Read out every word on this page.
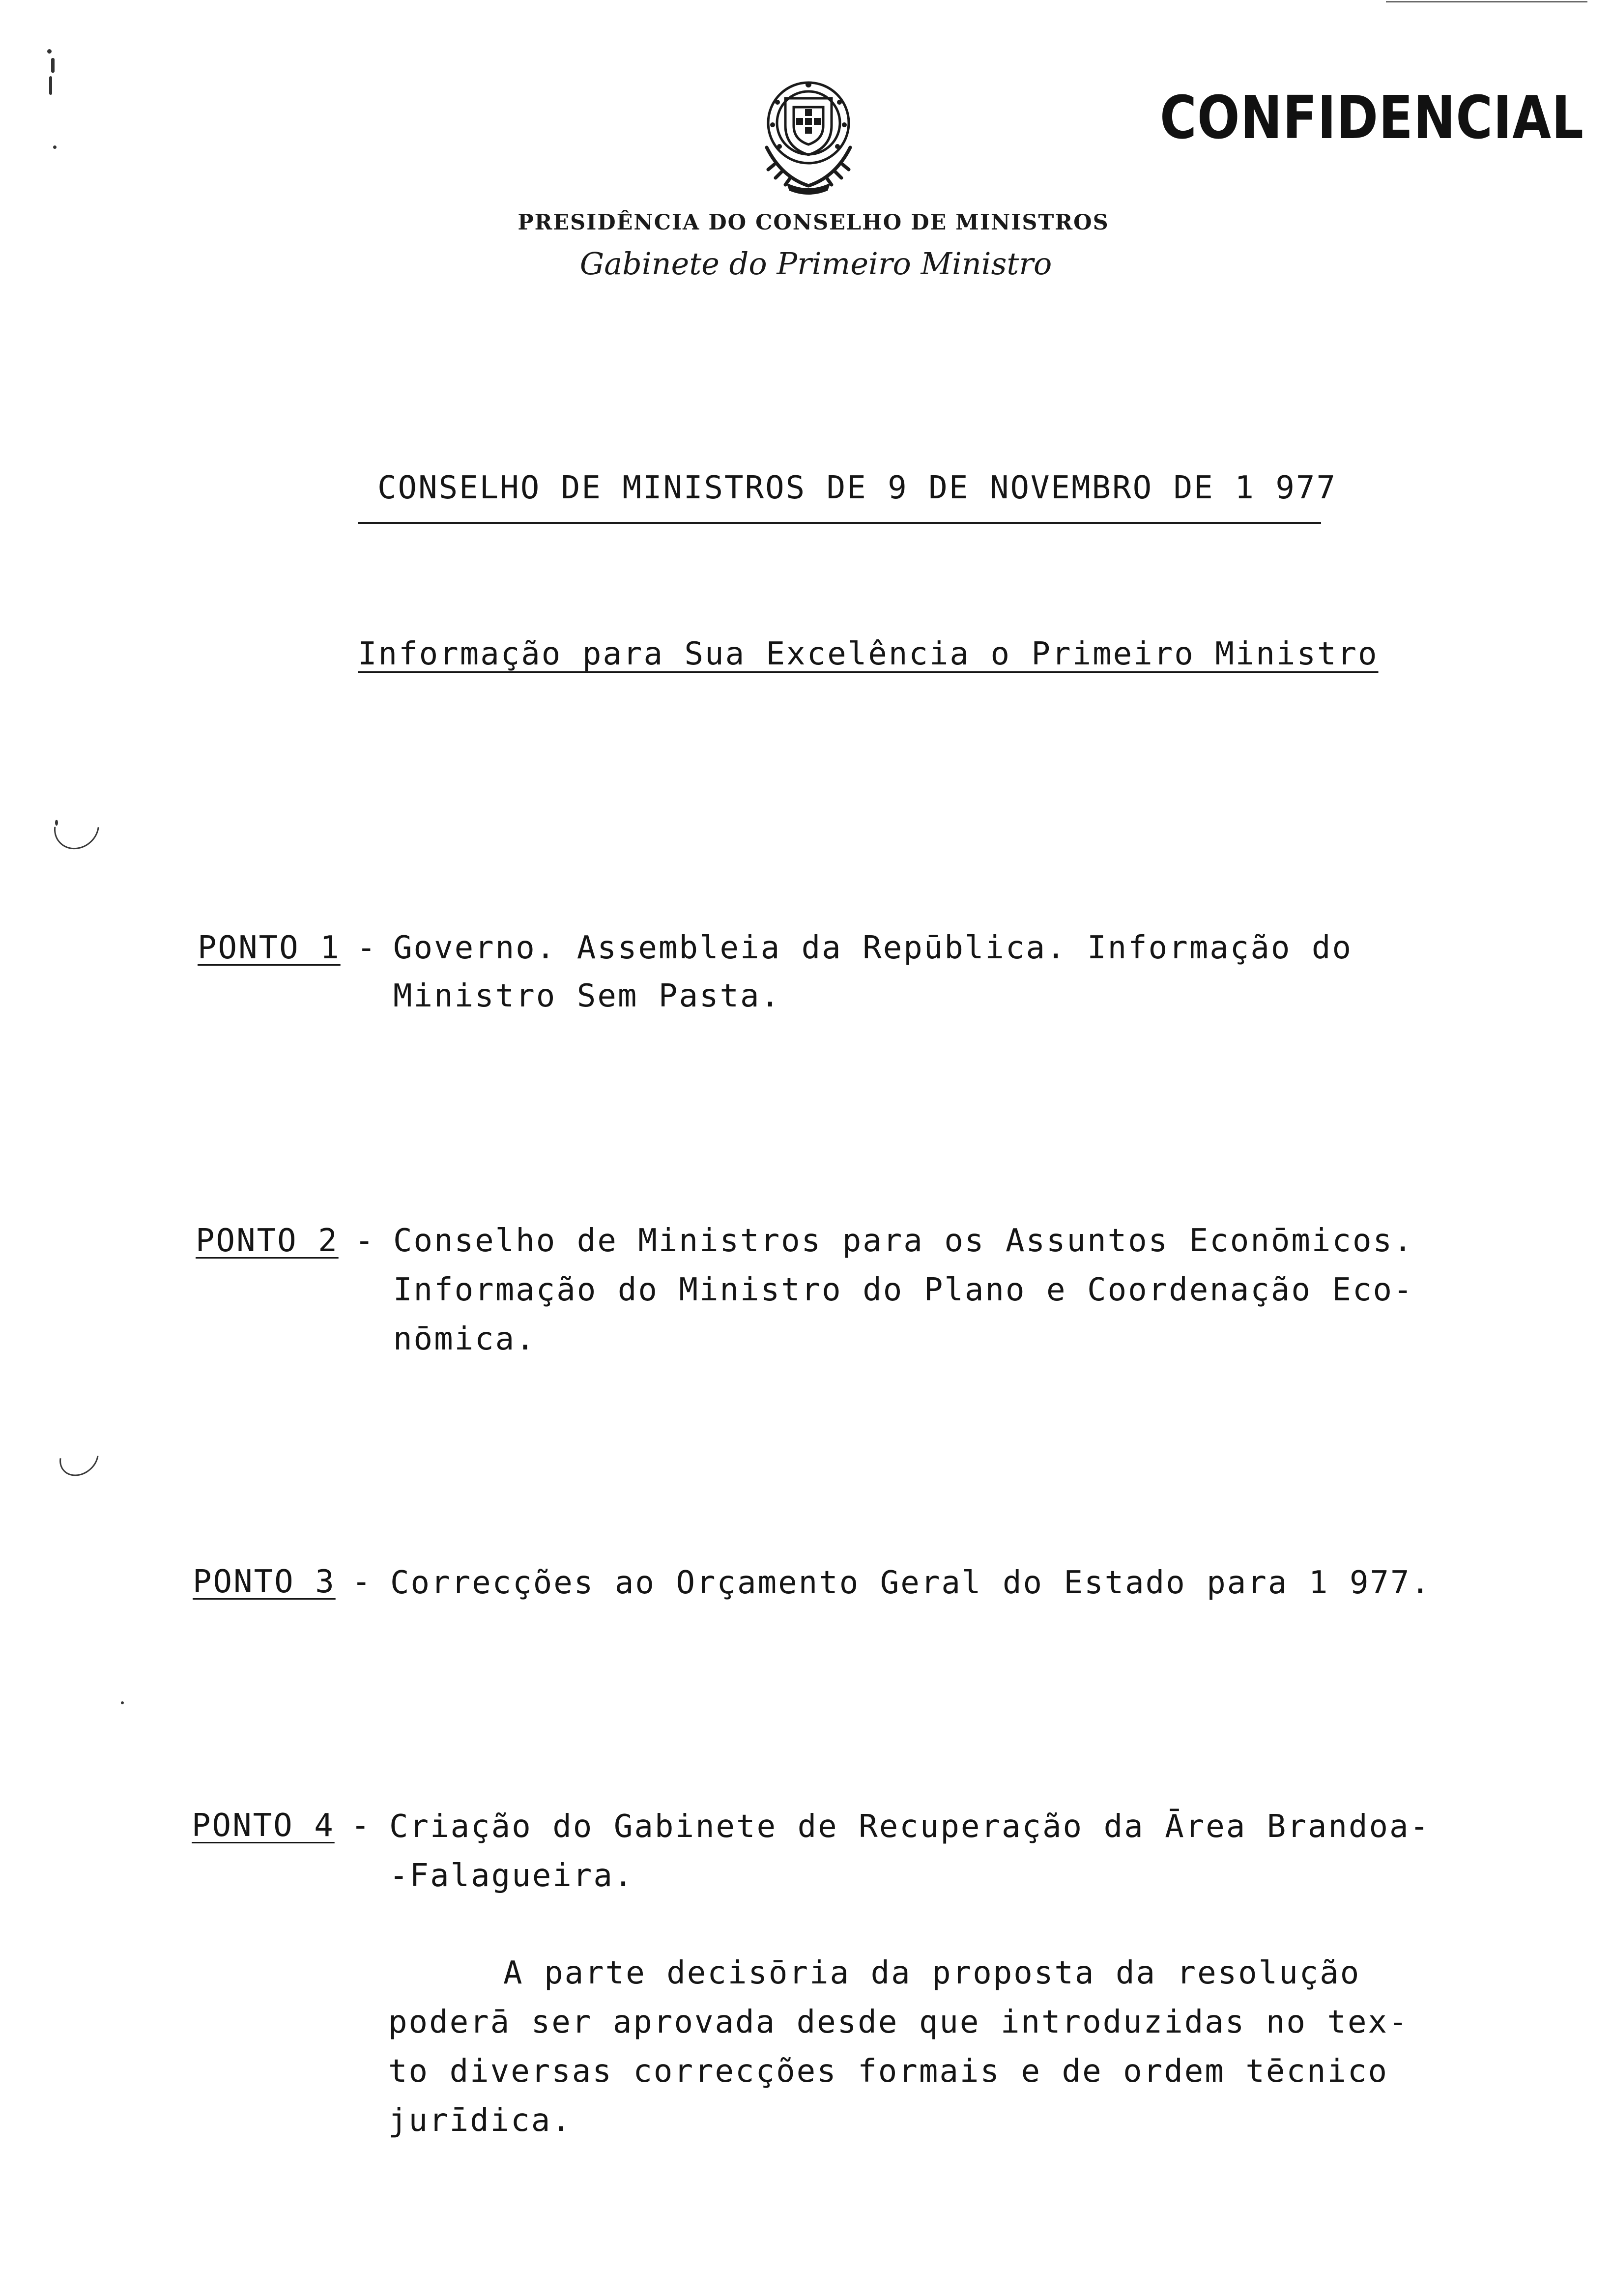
CONFIDENCIAL
PRESIDÊNCIA DO CONSELHO DE MINISTROS
Gabinete do Primeiro Ministro
CONSELHO DE MINISTROS DE 9 DE NOVEMBRO DE 1 977
Informação para Sua Excelência o Primeiro Ministro
PONTO 1 - Governo. Assembleia da Repūblica. Informação do
Ministro Sem Pasta.
PONTO 2 - Conselho de Ministros para os Assuntos Econōmicos.
Informação do Ministro do Plano e Coordenação Eco-
nōmica.
PONTO 3 - Correcções ao Orçamento Geral do Estado para 1 977.
PONTO 4 - Criação do Gabinete de Recuperação da Ārea Brandoa-
-Falagueira.
A parte decisōria da proposta da resolução
poderā ser aprovada desde que introduzidas no tex-
to diversas correcções formais e de ordem tēcnico
jurīdica.
